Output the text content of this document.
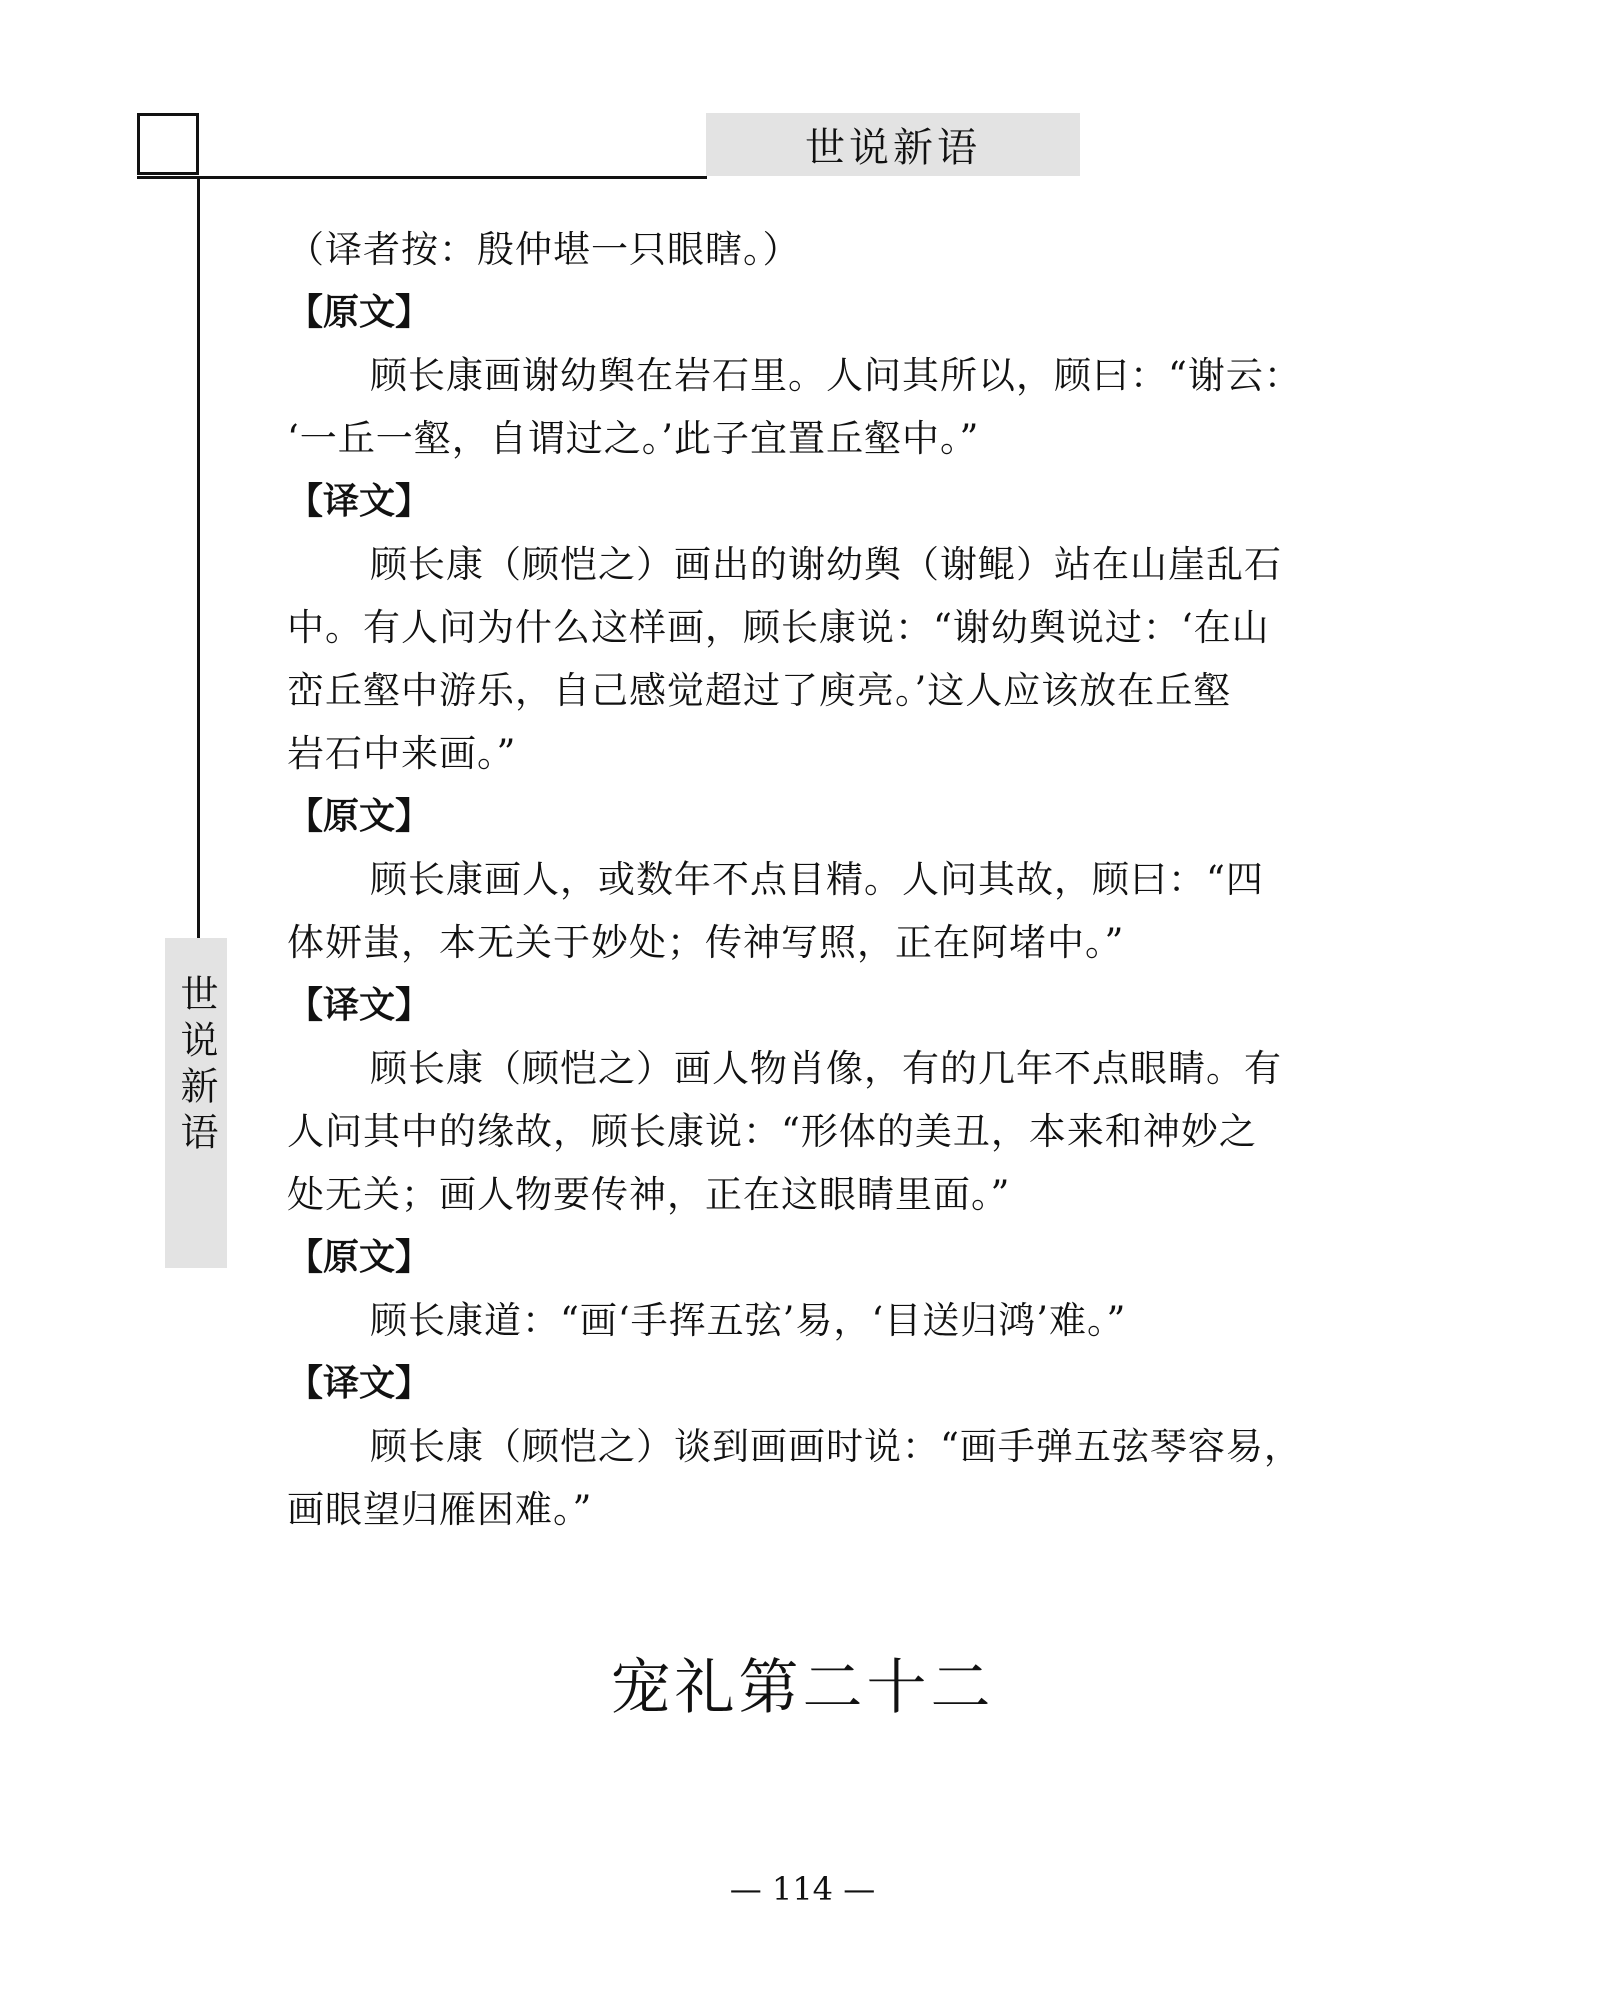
世说新语
世说新语
（译者按：殷仲堪一只眼瞎。）
【原文】
顾长康画谢幼舆在岩石里。人问其所以，顾曰：“谢云：
‘一丘一壑，自谓过之。’此子宜置丘壑中。”
【译文】
顾长康（顾恺之）画出的谢幼舆（谢鲲）站在山崖乱石
中。有人问为什么这样画，顾长康说：“谢幼舆说过：‘在山
峦丘壑中游乐，自己感觉超过了庾亮。’这人应该放在丘壑
岩石中来画。”
【原文】
顾长康画人，或数年不点目精。人问其故，顾曰：“四
体妍蚩，本无关于妙处；传神写照，正在阿堵中。”
【译文】
顾长康（顾恺之）画人物肖像，有的几年不点眼睛。有
人问其中的缘故，顾长康说：“形体的美丑，本来和神妙之
处无关；画人物要传神，正在这眼睛里面。”
【原文】
顾长康道：“画‘手挥五弦’易，‘目送归鸿’难。”
【译文】
顾长康（顾恺之）谈到画画时说：“画手弹五弦琴容易，
画眼望归雁困难。”
宠礼第二十二
— 114 —
